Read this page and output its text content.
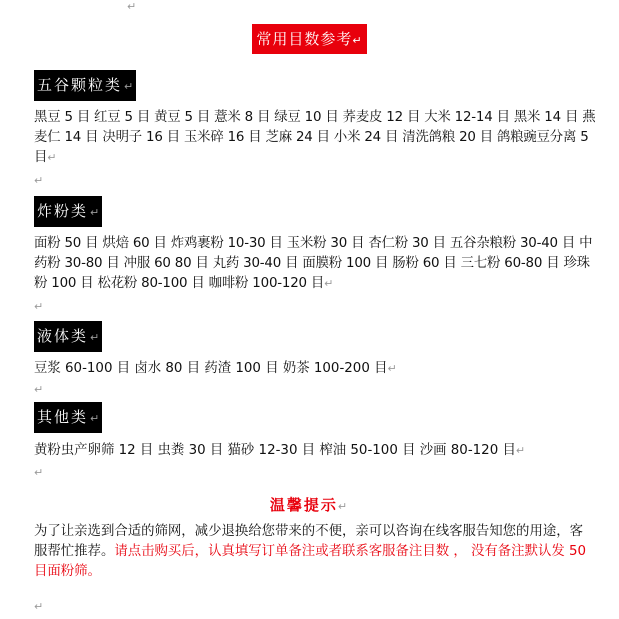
↵
常用目数参考↵
五谷颗粒类 ↵
黑豆 5 目 红豆 5 目 黄豆 5 目 薏米 8 目 绿豆 10 目 荞麦皮 12 目 大米 12-14 目 黑米 14 目 燕麦仁 14 目 决明子 16 目 玉米碎 16 目 芝麻 24 目 小米 24 目 清洗鸽粮 20 目 鸽粮豌豆分离 5 目↵
↵
炸粉类 ↵
面粉 50 目 烘焙 60 目 炸鸡裹粉 10-30 目 玉米粉 30 目 杏仁粉 30 目 五谷杂粮粉 30-40 目 中药粉 30-80 目 冲服 60 80 目 丸药 30-40 目 面膜粉 100 目 肠粉 60 目 三七粉 60-80 目 珍珠粉 100 目 松花粉 80-100 目 咖啡粉 100-120 目↵
↵
液体类 ↵
豆浆 60-100 目 卤水 80 目 药渣 100 目 奶茶 100-200 目↵
↵
其他类 ↵
黄粉虫产卵筛 12 目 虫粪 30 目 猫砂 12-30 目 榨油 50-100 目 沙画 80-120 目↵
↵
温馨提示↵
为了让亲选到合适的筛网，减少退换给您带来的不便，亲可以咨询在线客服告知您的用途，客服帮忙推荐。请点击购买后，认真填写订单备注或者联系客服备注目数 ， 没有备注默认发 50 目面粉筛。
↵
